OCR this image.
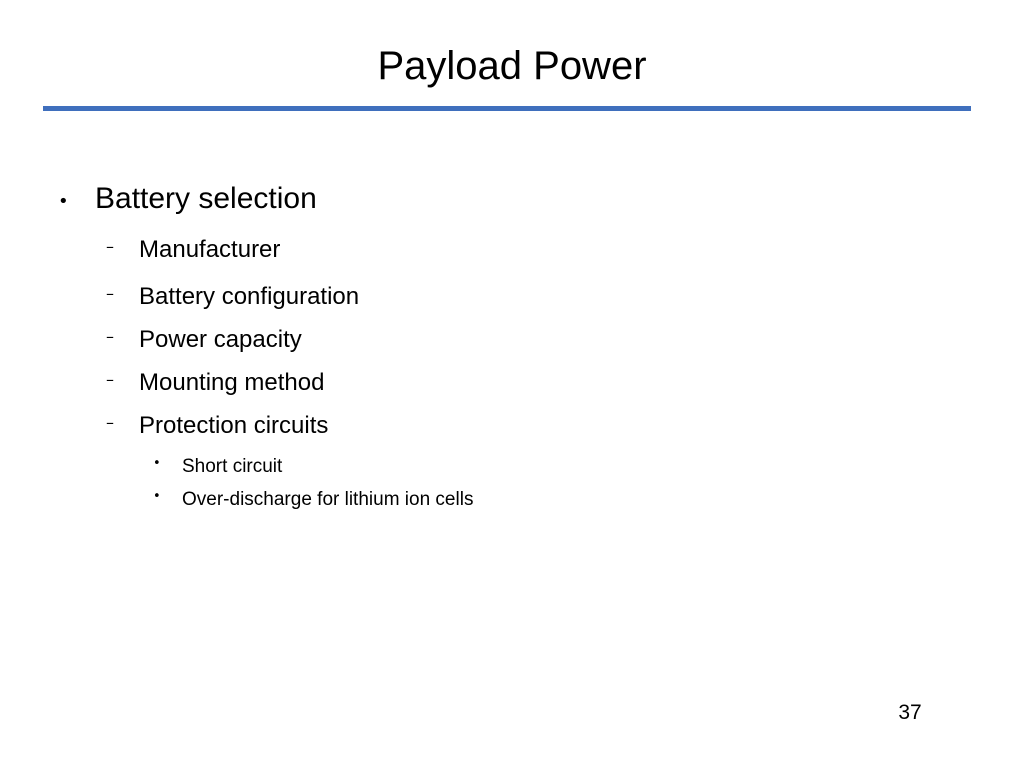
Payload Power
• Battery selection
– Manufacturer
– Battery configuration
– Power capacity
– Mounting method
– Protection circuits
• Short circuit
• Over-discharge for lithium ion cells
37
